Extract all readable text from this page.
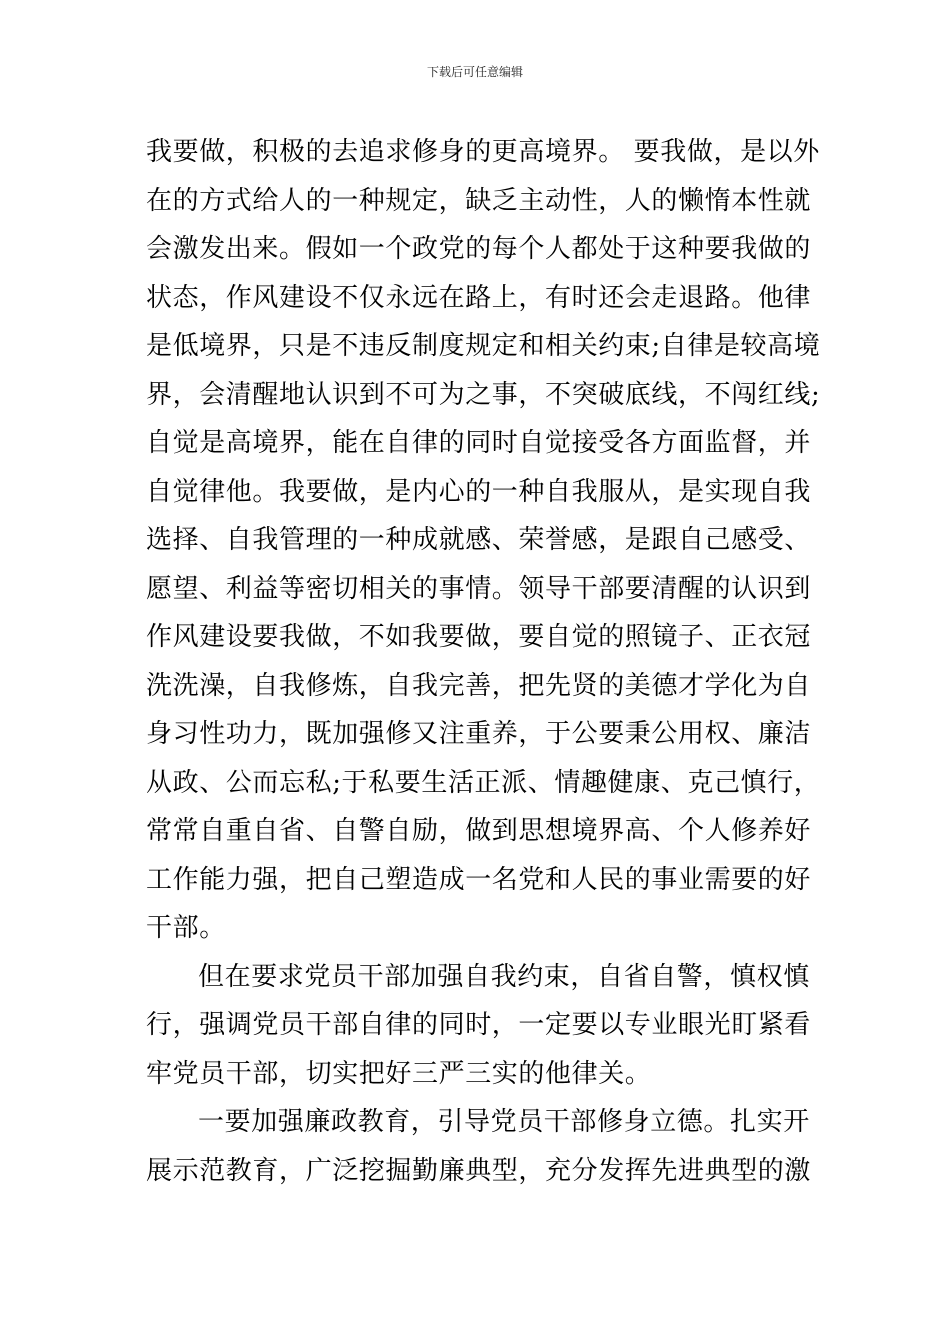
下载后可任意编辑
我要做，积极的去追求修身的更高境界。 要我做，是以外
在的方式给人的一种规定，缺乏主动性，人的懒惰本性就
会激发出来。假如一个政党的每个人都处于这种要我做的
状态，作风建设不仅永远在路上，有时还会走退路。他律
是低境界，只是不违反制度规定和相关约束;自律是较高境
界，会清醒地认识到不可为之事，不突破底线，不闯红线;
自觉是高境界，能在自律的同时自觉接受各方面监督，并
自觉律他。我要做，是内心的一种自我服从，是实现自我
选择、自我管理的一种成就感、荣誉感，是跟自己感受、
愿望、利益等密切相关的事情。领导干部要清醒的认识到
作风建设要我做，不如我要做，要自觉的照镜子、正衣冠
洗洗澡，自我修炼，自我完善，把先贤的美德才学化为自
身习性功力，既加强修又注重养，于公要秉公用权、廉洁
从政、公而忘私;于私要生活正派、情趣健康、克己慎行，
常常自重自省、自警自励，做到思想境界高、个人修养好
工作能力强，把自己塑造成一名党和人民的事业需要的好
干部。
但在要求党员干部加强自我约束，自省自警，慎权慎
行，强调党员干部自律的同时，一定要以专业眼光盯紧看
牢党员干部，切实把好三严三实的他律关。
一要加强廉政教育，引导党员干部修身立德。扎实开
展示范教育，广泛挖掘勤廉典型，充分发挥先进典型的激
